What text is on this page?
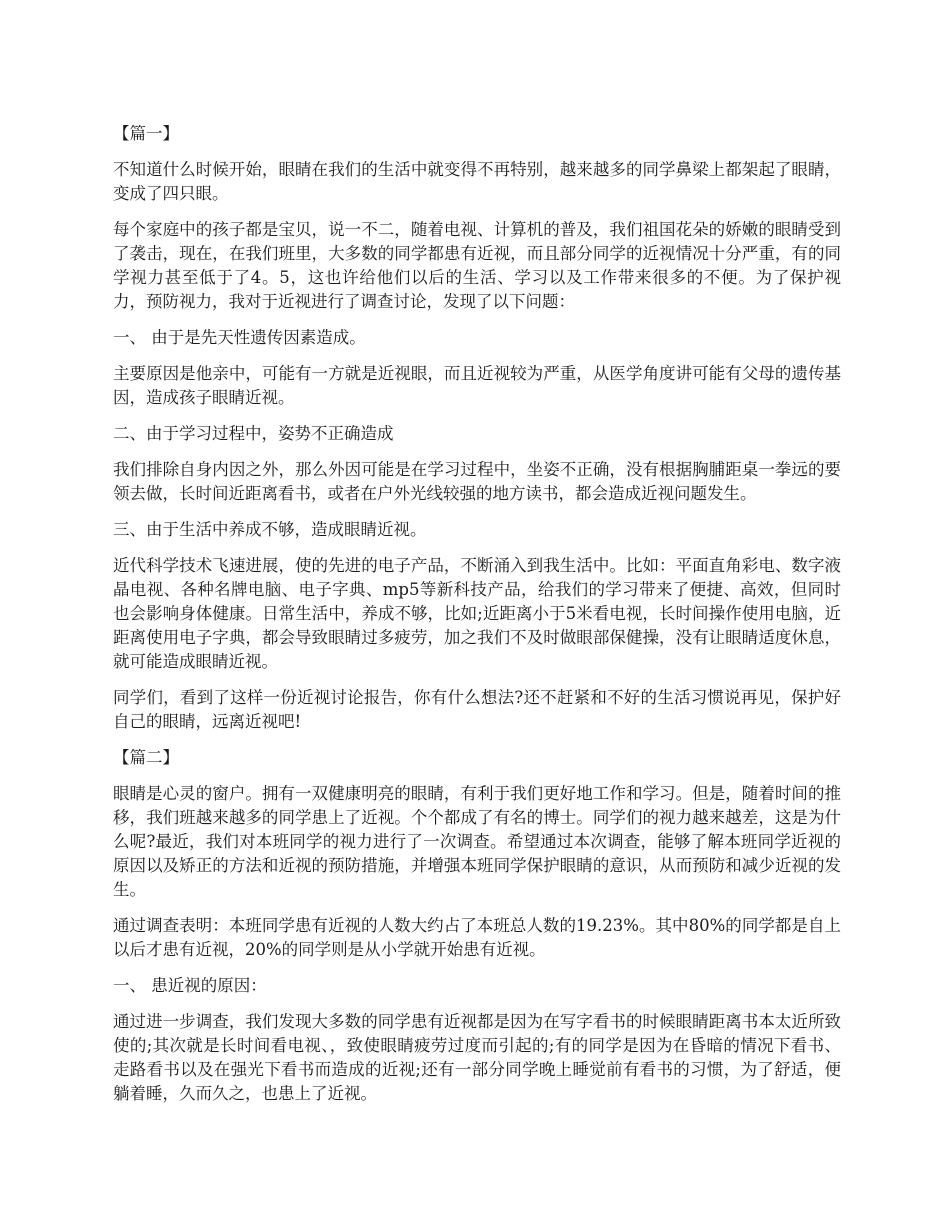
【篇一】

不知道什么时候开始，眼睛在我们的生活中就变得不再特别，越来越多的同学鼻梁上都架起了眼睛，变成了四只眼。

每个家庭中的孩子都是宝贝，说一不二，随着电视、计算机的普及，我们祖国花朵的娇嫩的眼睛受到了袭击，现在，在我们班里，大多数的同学都患有近视，而且部分同学的近视情况十分严重，有的同学视力甚至低于了4。5，这也许给他们以后的生活、学习以及工作带来很多的不便。为了保护视力，预防视力，我对于近视进行了调查讨论，发现了以下问题：

一、 由于是先天性遗传因素造成。

主要原因是他亲中，可能有一方就是近视眼，而且近视较为严重，从医学角度讲可能有父母的遗传基因，造成孩子眼睛近视。

二、由于学习过程中，姿势不正确造成

我们排除自身内因之外，那么外因可能是在学习过程中，坐姿不正确，没有根据胸脯距桌一拳远的要领去做，长时间近距离看书，或者在户外光线较强的地方读书，都会造成近视问题发生。

三、由于生活中养成不够，造成眼睛近视。

近代科学技术飞速进展，使的先进的电子产品，不断涌入到我生活中。比如：平面直角彩电、数字液晶电视、各种名牌电脑、电子字典、mp5等新科技产品，给我们的学习带来了便捷、高效，但同时也会影响身体健康。日常生活中，养成不够，比如;近距离小于5米看电视，长时间操作使用电脑，近距离使用电子字典，都会导致眼睛过多疲劳，加之我们不及时做眼部保健操，没有让眼睛适度休息，就可能造成眼睛近视。

同学们，看到了这样一份近视讨论报告，你有什么想法?还不赶紧和不好的生活习惯说再见，保护好自己的眼睛，远离近视吧!

【篇二】

眼睛是心灵的窗户。拥有一双健康明亮的眼睛，有利于我们更好地工作和学习。但是，随着时间的推移，我们班越来越多的同学患上了近视。个个都成了有名的博士。同学们的视力越来越差，这是为什么呢?最近，我们对本班同学的视力进行了一次调查。希望通过本次调查，能够了解本班同学近视的原因以及矫正的方法和近视的预防措施，并增强本班同学保护眼睛的意识，从而预防和减少近视的发生。

通过调查表明：本班同学患有近视的人数大约占了本班总人数的19.23%。其中80%的同学都是自上以后才患有近视，20%的同学则是从小学就开始患有近视。

一、 患近视的原因：

通过进一步调查，我们发现大多数的同学患有近视都是因为在写字看书的时候眼睛距离书本太近所致使的;其次就是长时间看电视、，致使眼睛疲劳过度而引起的;有的同学是因为在昏暗的情况下看书、走路看书以及在强光下看书而造成的近视;还有一部分同学晚上睡觉前有看书的习惯，为了舒适，便躺着睡，久而久之，也患上了近视。
